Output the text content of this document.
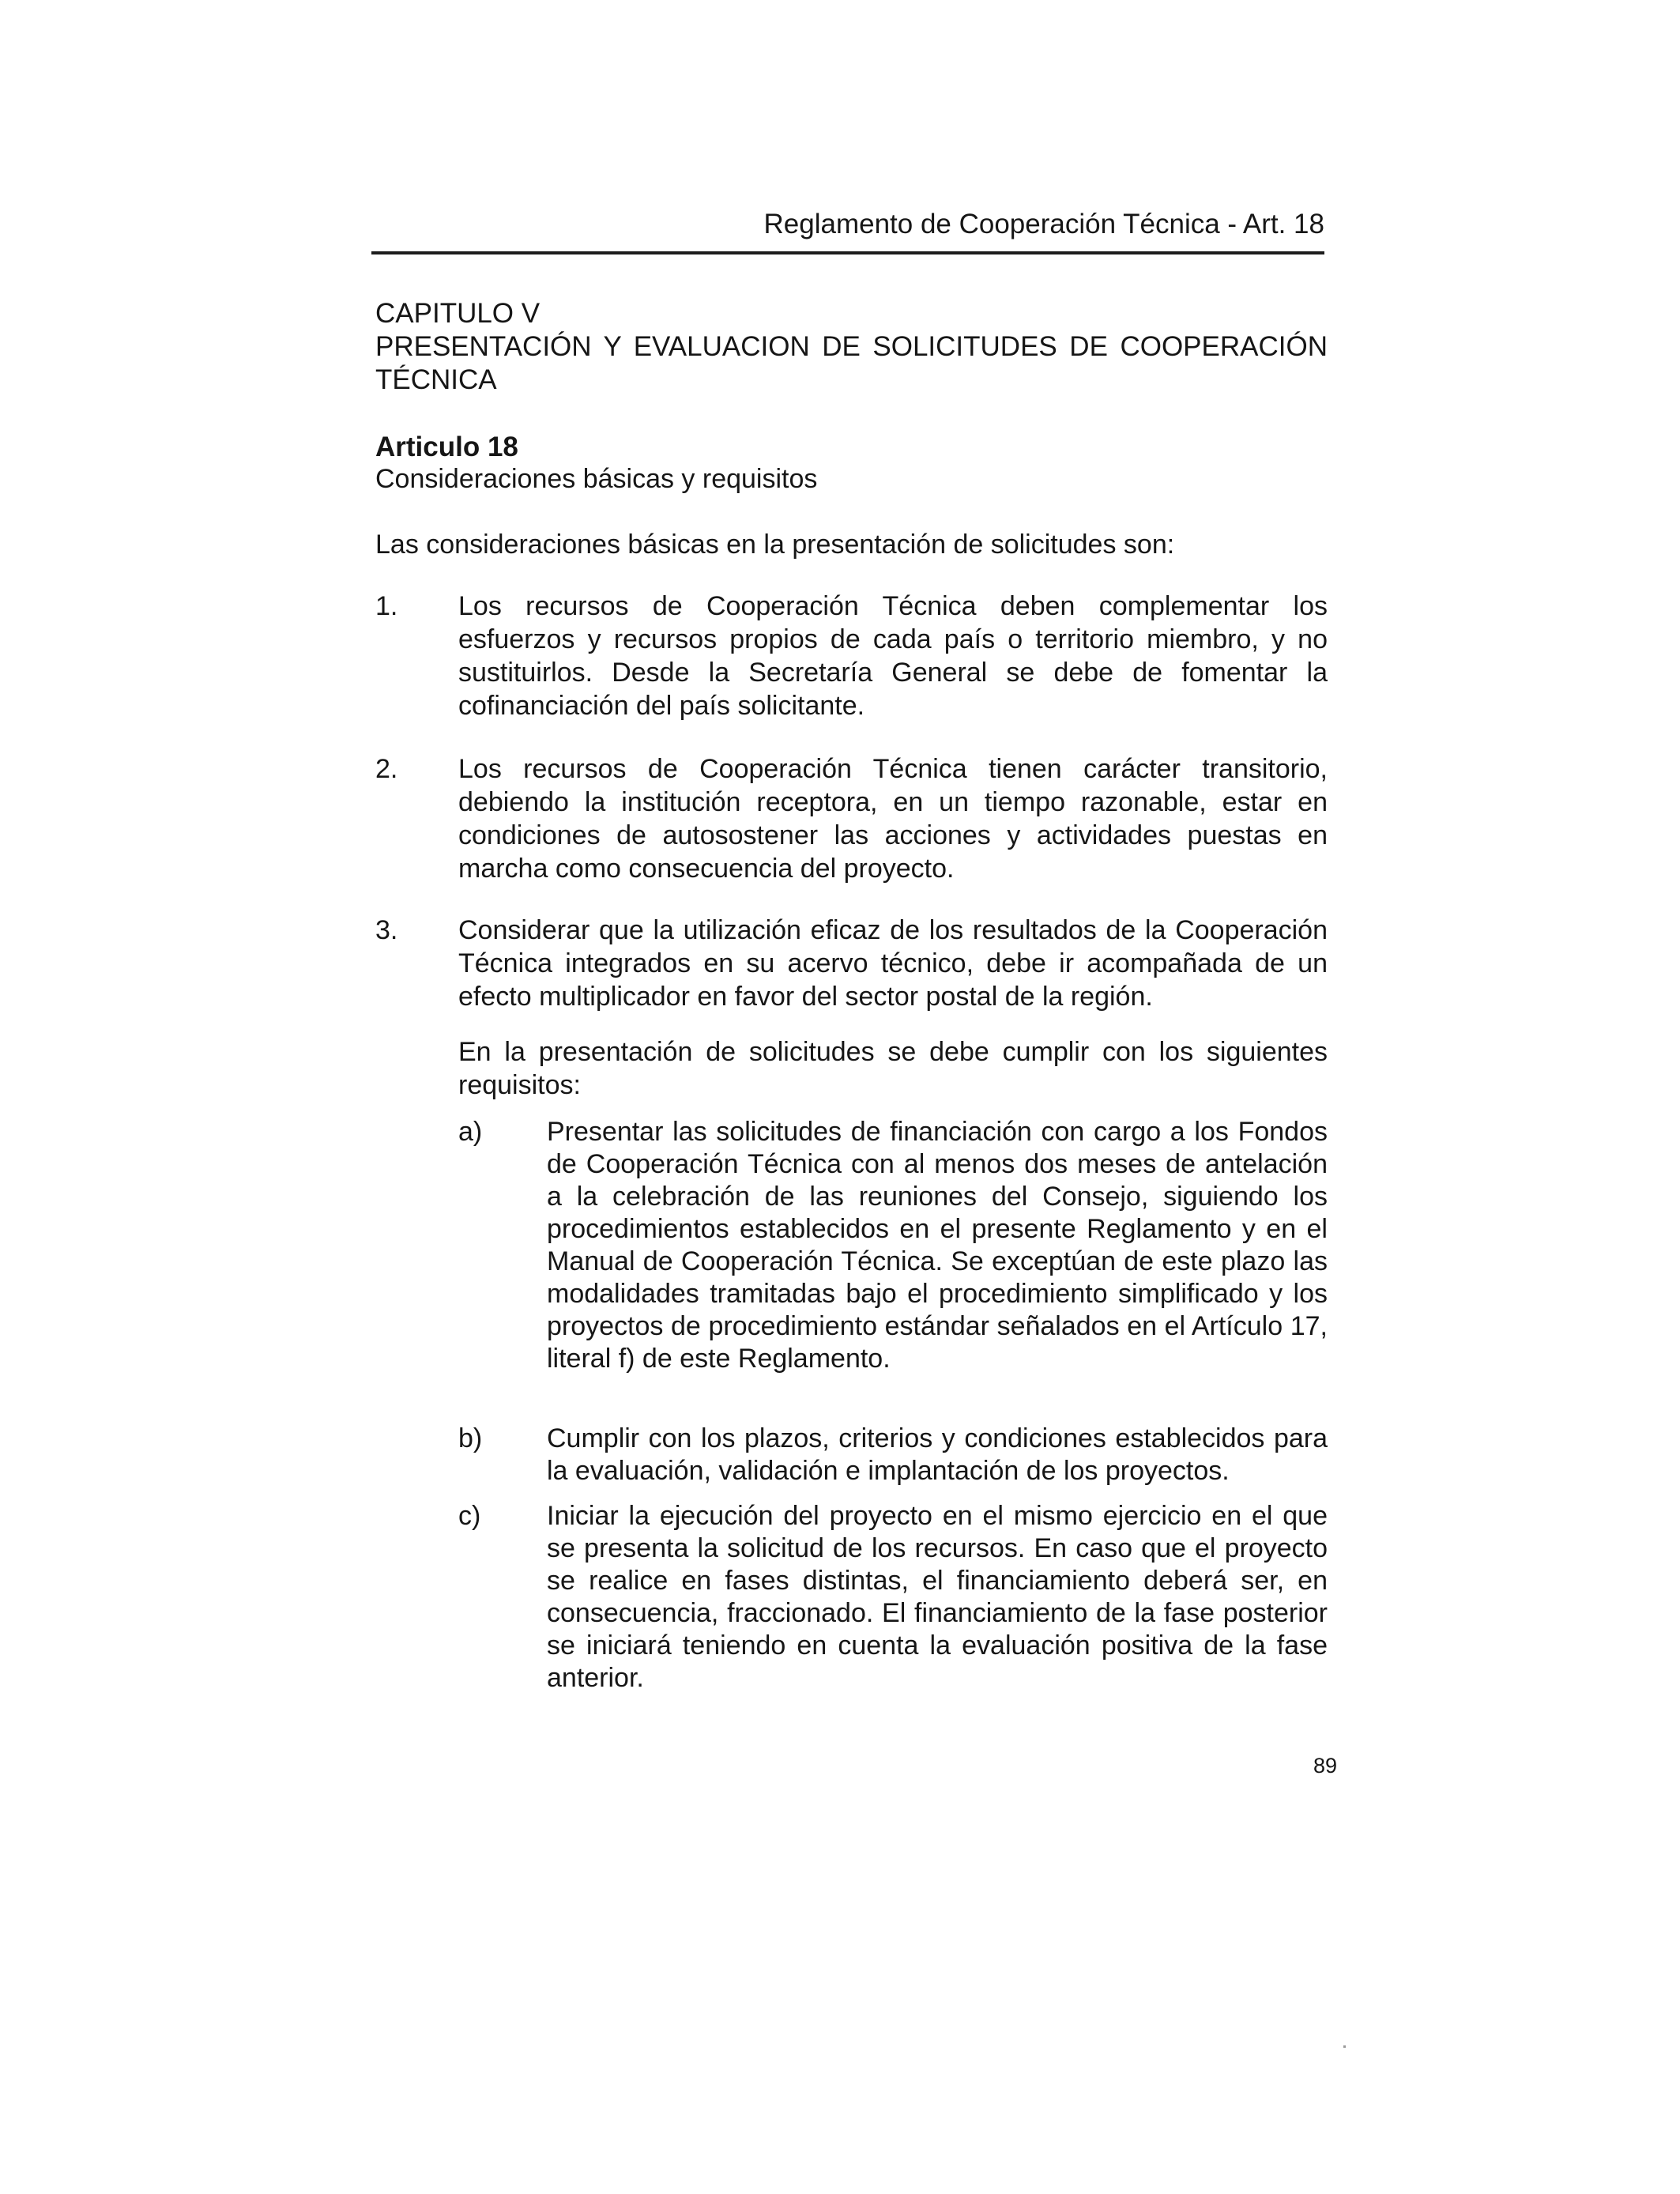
Reglamento de Cooperación Técnica - Art. 18
CAPITULO V
PRESENTACIÓN Y EVALUACION DE SOLICITUDES DE COOPERACIÓN
TÉCNICA
Articulo 18
Consideraciones básicas y requisitos
Las consideraciones básicas en la presentación de solicitudes son:
1. Los recursos de Cooperación Técnica deben complementar los esfuerzos y recursos propios de cada país o territorio miembro, y no sustituirlos. Desde la Secretaría General se debe de fomentar la cofinanciación del país solicitante.
2. Los recursos de Cooperación Técnica tienen carácter transitorio, debiendo la institución receptora, en un tiempo razonable, estar en condiciones de autosostener las acciones y actividades puestas en marcha como consecuencia del proyecto.
3. Considerar que la utilización eficaz de los resultados de la Cooperación Técnica integrados en su acervo técnico, debe ir acompañada de un efecto multiplicador en favor del sector postal de la región.
En la presentación de solicitudes se debe cumplir con los siguientes requisitos:
a) Presentar las solicitudes de financiación con cargo a los Fondos de Cooperación Técnica con al menos dos meses de antelación a la celebración de las reuniones del Consejo, siguiendo los procedimientos establecidos en el presente Reglamento y en el Manual de Cooperación Técnica. Se exceptúan de este plazo las modalidades tramitadas bajo el procedimiento simplificado y los proyectos de procedimiento estándar señalados en el Artículo 17, literal f) de este Reglamento.
b) Cumplir con los plazos, criterios y condiciones establecidos para la evaluación, validación e implantación de los proyectos.
c) Iniciar la ejecución del proyecto en el mismo ejercicio en el que se presenta la solicitud de los recursos. En caso que el proyecto se realice en fases distintas, el financiamiento deberá ser, en consecuencia, fraccionado. El financiamiento de la fase posterior se iniciará teniendo en cuenta la evaluación positiva de la fase anterior.
89
